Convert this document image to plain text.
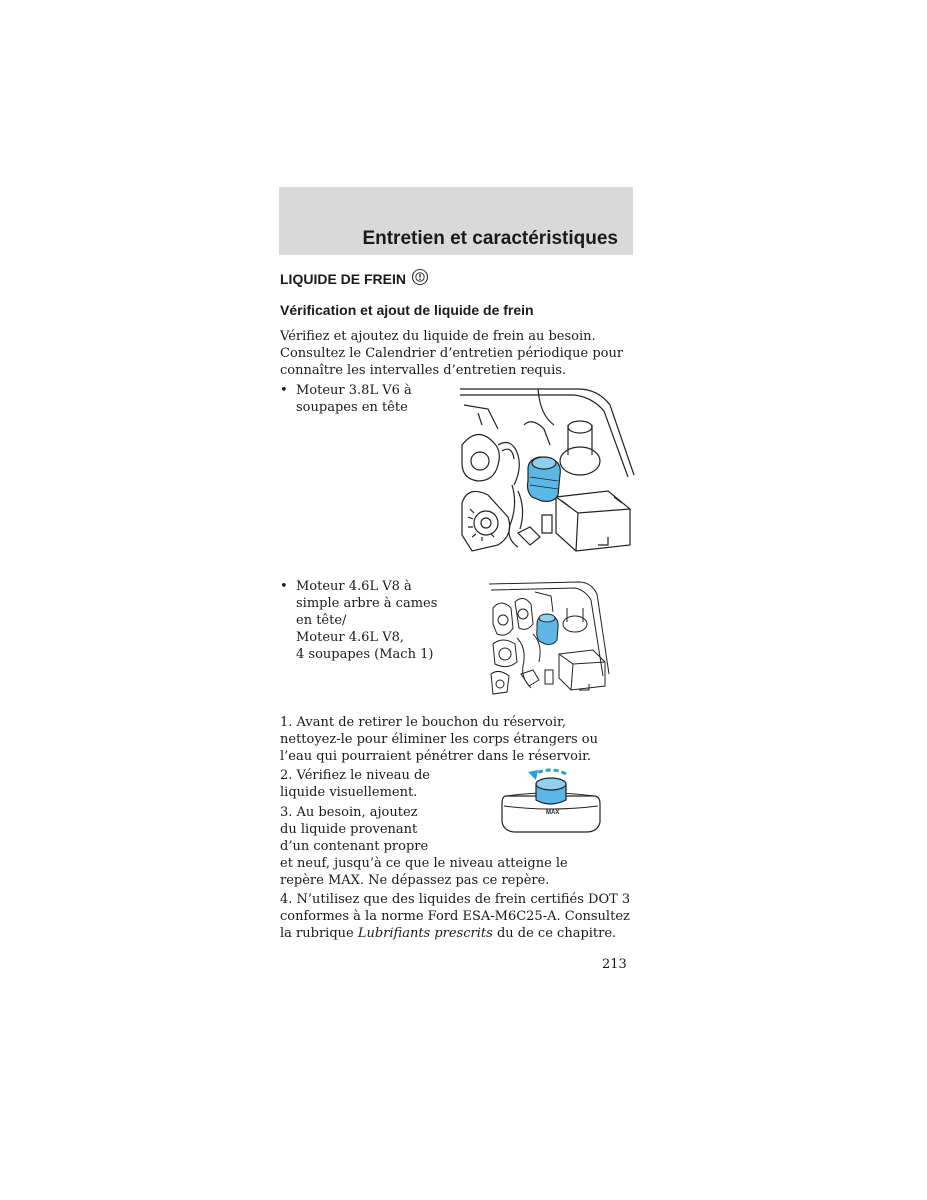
Entretien et caractéristiques
LIQUIDE DE FREIN
Vérification et ajout de liquide de frein

Vérifiez et ajoutez du liquide de frein au besoin.
Consultez le Calendrier d’entretien périodique pour
connaître les intervalles d’entretien requis.

• Moteur 3.8L V6 à
soupapes en tête
• Moteur 4.6L V8 à
simple arbre à cames
en tête/
Moteur 4.6L V8,
4 soupapes (Mach 1)

1. Avant de retirer le bouchon du réservoir,
nettoyez-le pour éliminer les corps étrangers ou
l’eau qui pourraient pénétrer dans le réservoir.

2. Vérifiez le niveau de
liquide visuellement.

3. Au besoin, ajoutez
du liquide provenant
d’un contenant propre
et neuf, jusqu’à ce que le niveau atteigne le
repère MAX. Ne dépassez pas ce repère.

MAX

4. N’utilisez que des liquides de frein certifiés DOT 3
conformes à la norme Ford ESA-M6C25-A. Consultez
la rubrique Lubrifiants prescrits du de ce chapitre.

213
